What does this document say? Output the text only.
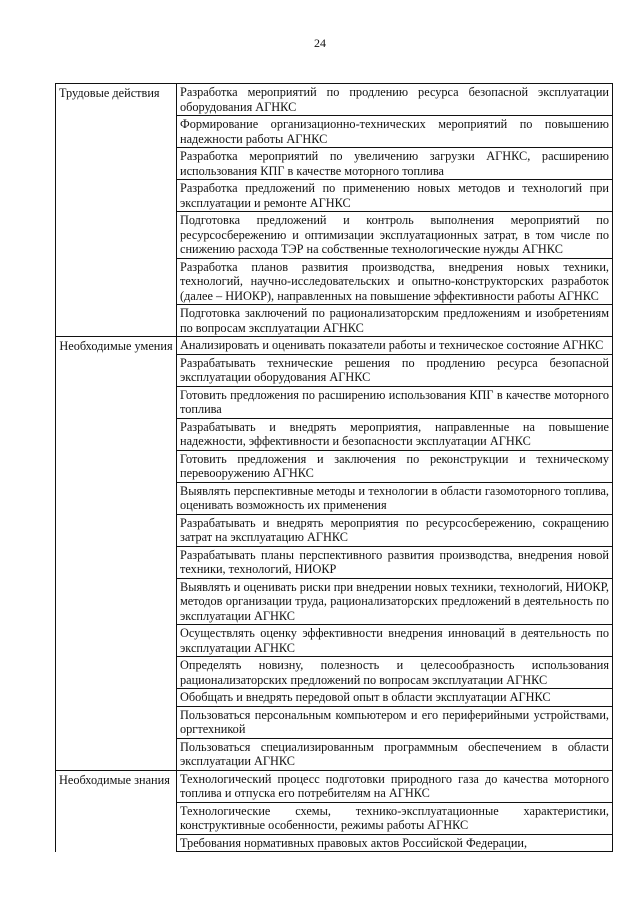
24
Трудовые действия	Разработка мероприятий по продлению ресурса безопасной эксплуатации оборудования АГНКС
	Формирование организационно-технических мероприятий по повышению надежности работы АГНКС
	Разработка мероприятий по увеличению загрузки АГНКС, расширению использования КПГ в качестве моторного топлива
	Разработка предложений по применению новых методов и технологий при эксплуатации и ремонте АГНКС
	Подготовка предложений и контроль выполнения мероприятий по ресурсосбережению и оптимизации эксплуатационных затрат, в том числе по снижению расхода ТЭР на собственные технологические нужды АГНКС
	Разработка планов развития производства, внедрения новых техники, технологий, научно-исследовательских и опытно-конструкторских разработок (далее – НИОКР), направленных на повышение эффективности работы АГНКС
	Подготовка заключений по рационализаторским предложениям и изобретениям по вопросам эксплуатации АГНКС
Необходимые умения	Анализировать и оценивать показатели работы и техническое состояние АГНКС
	Разрабатывать технические решения по продлению ресурса безопасной эксплуатации оборудования АГНКС
	Готовить предложения по расширению использования КПГ в качестве моторного топлива
	Разрабатывать и внедрять мероприятия, направленные на повышение надежности, эффективности и безопасности эксплуатации АГНКС
	Готовить предложения и заключения по реконструкции и техническому перевооружению АГНКС
	Выявлять перспективные методы и технологии в области газомоторного топлива, оценивать возможность их применения
	Разрабатывать и внедрять мероприятия по ресурсосбережению, сокращению затрат на эксплуатацию АГНКС
	Разрабатывать планы перспективного развития производства, внедрения новой техники, технологий, НИОКР
	Выявлять и оценивать риски при внедрении новых техники, технологий, НИОКР, методов организации труда, рационализаторских предложений в деятельность по эксплуатации АГНКС
	Осуществлять оценку эффективности внедрения инноваций в деятельность по эксплуатации АГНКС
	Определять новизну, полезность и целесообразность использования рационализаторских предложений по вопросам эксплуатации АГНКС
	Обобщать и внедрять передовой опыт в области эксплуатации АГНКС
	Пользоваться персональным компьютером и его периферийными устройствами, оргтехникой
	Пользоваться специализированным программным обеспечением в области эксплуатации АГНКС
Необходимые знания	Технологический процесс подготовки природного газа до качества моторного топлива и отпуска его потребителям на АГНКС
	Технологические схемы, технико-эксплуатационные характеристики, конструктивные особенности, режимы работы АГНКС
	Требования нормативных правовых актов Российской Федерации,
